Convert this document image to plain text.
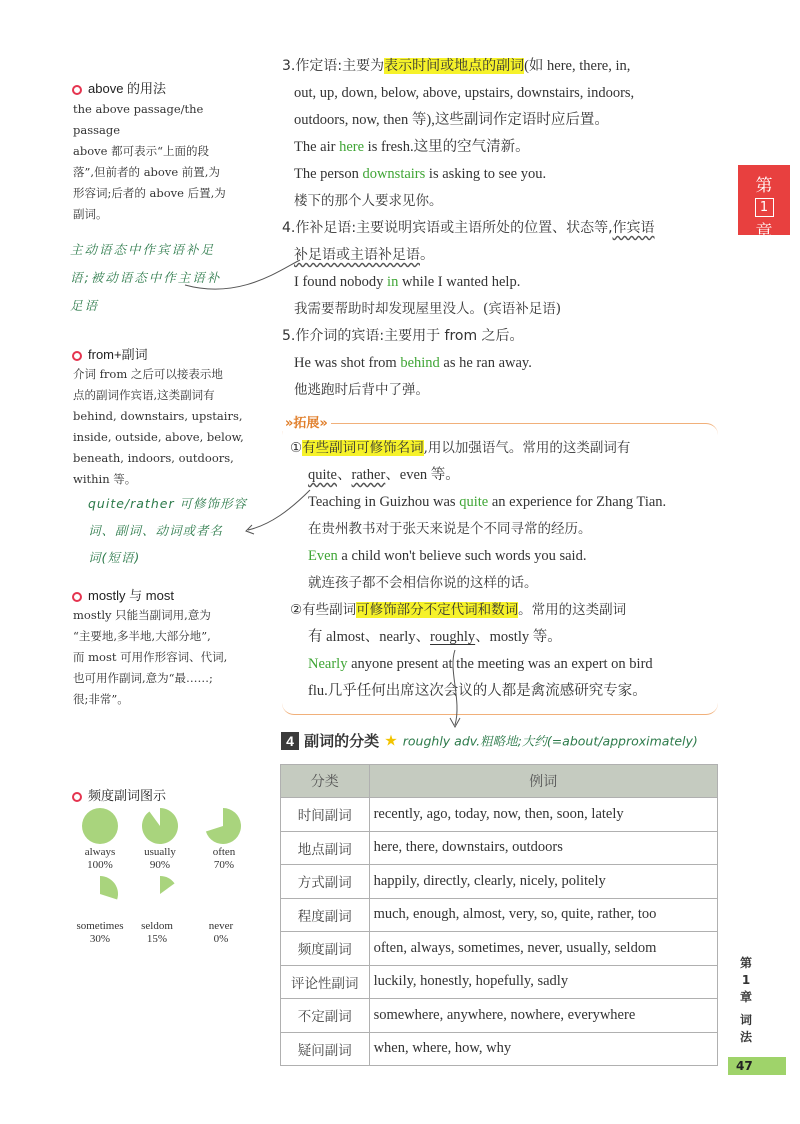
above 的用法
the above passage/the passage
above 都可表示“上面的段
落”,但前者的 above 前置,为
形容词;后者的 above 后置,为
副词。
主动语态中作宾语补足
语;被动语态中作主语补
足语
from+副词
介词 from 之后可以接表示地
点的副词作宾语,这类副词有
behind, downstairs, upstairs,
inside, outside, above, below,
beneath, indoors, outdoors,
within 等。
quite/rather 可修饰形容
词、副词、动词或者名
词(短语)
mostly 与 most
mostly 只能当副词用,意为
“主要地,多半地,大部分地”,
而 most 可用作形容词、代词,
也可用作副词,意为“最……;
很;非常”。
频度副词图示
always
100%
usually
90%
often
70%
sometimes
30%
seldom
15%
never
0%
3.作定语:主要为表示时间或地点的副词(如 here, there, in,
out, up, down, below, above, upstairs, downstairs, indoors,
outdoors, now, then 等),这些副词作定语时应后置。
The air here is fresh.这里的空气清新。
The person downstairs is asking to see you.
楼下的那个人要求见你。
4.作补足语:主要说明宾语或主语所处的位置、状态等,作宾语
补足语或主语补足语。
I found nobody in while I wanted help.
我需要帮助时却发现屋里没人。(宾语补足语)
5.作介词的宾语:主要用于 from 之后。
He was shot from behind as he ran away.
他逃跑时后背中了弹。
»拓展»
①有些副词可修饰名词,用以加强语气。常用的这类副词有
quite、rather、even 等。
Teaching in Guizhou was quite an experience for Zhang Tian.
在贵州教书对于张天来说是个不同寻常的经历。
Even a child won't believe such words you said.
就连孩子都不会相信你说的这样的话。
②有些副词可修饰部分不定代词和数词。常用的这类副词
有 almost、nearly、roughly、mostly 等。
Nearly anyone present at the meeting was an expert on bird
flu.几乎任何出席这次会议的人都是禽流感研究专家。
4 副词的分类 ★ roughly adv.粗略地;大约(=about/approximately)
分类	例词
时间副词	recently, ago, today, now, then, soon, lately
地点副词	here, there, downstairs, outdoors
方式副词	happily, directly, clearly, nicely, politely
程度副词	much, enough, almost, very, so, quite, rather, too
频度副词	often, always, sometimes, never, usually, seldom
评论性副词	luckily, honestly, hopefully, sadly
不定副词	somewhere, anywhere, nowhere, everywhere
疑问副词	when, where, how, why
第
1
章
第
1
章
词
法
47
